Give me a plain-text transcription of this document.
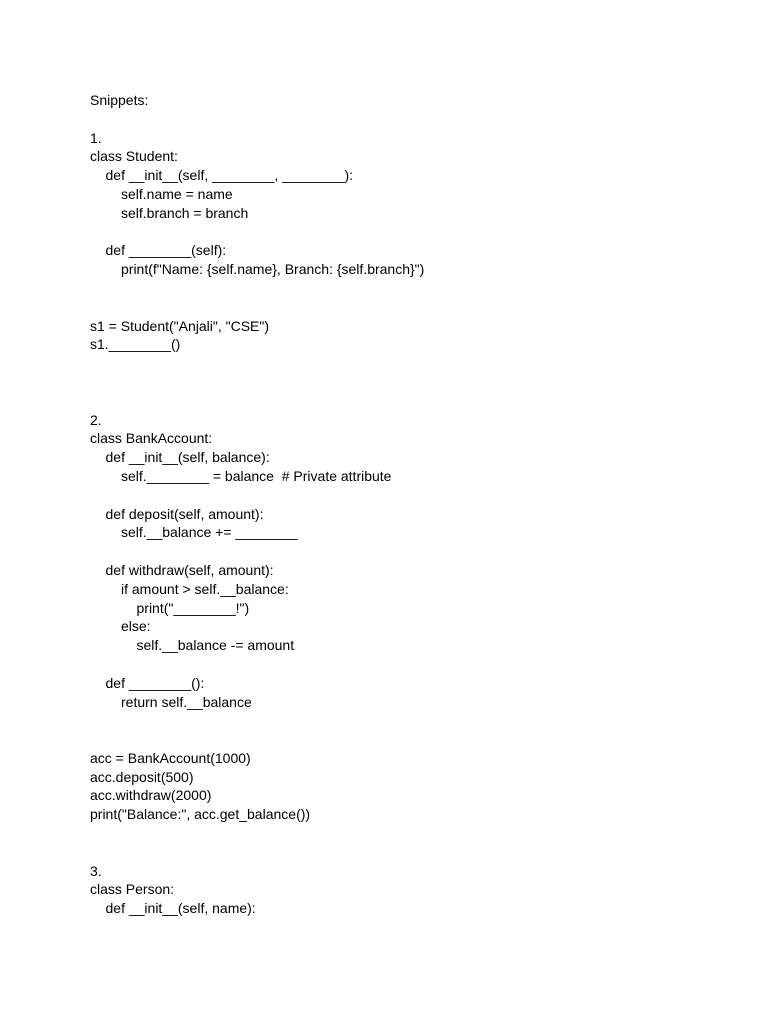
Snippets:
1.
class Student:
def __init__(self, ________, ________):
self.name = name
self.branch = branch
def ________(self):
print(f"Name: {self.name}, Branch: {self.branch}")
s1 = Student("Anjali", "CSE")
s1.________()
2.
class BankAccount:
def __init__(self, balance):
self.________ = balance  # Private attribute
def deposit(self, amount):
self.__balance += ________
def withdraw(self, amount):
if amount > self.__balance:
print("________!")
else:
self.__balance -= amount
def ________():
return self.__balance
acc = BankAccount(1000)
acc.deposit(500)
acc.withdraw(2000)
print("Balance:", acc.get_balance())
3.
class Person:
def __init__(self, name):
